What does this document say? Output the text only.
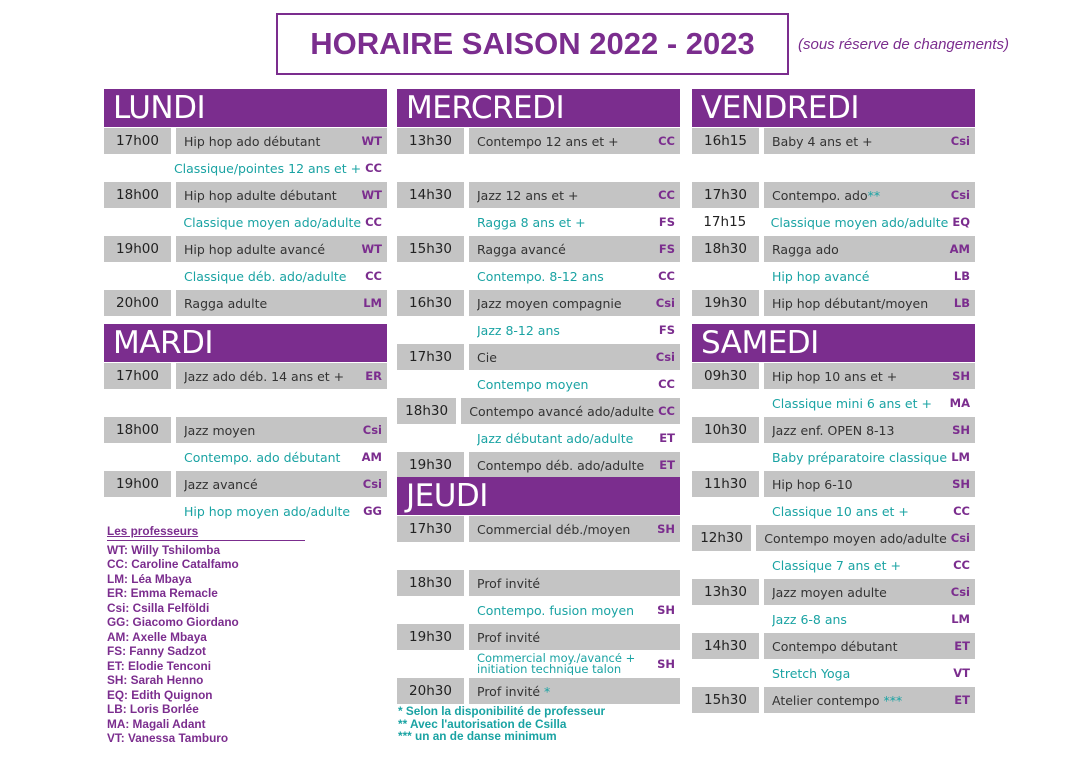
HORAIRE SAISON 2022 - 2023	(sous réserve de changements)
LUNDI
17h00	Hip hop ado débutant	WT
Classique/pointes 12 ans et + CC
18h00	Hip hop adulte débutant	WT
Classique moyen ado/adulte CC
19h00	Hip hop adulte avancé	WT
Classique déb. ado/adulte	CC
20h00	Ragga adulte	LM
MARDI
17h00	Jazz ado déb. 14 ans et +	ER
18h00	Jazz moyen	Csi
Contempo. ado débutant	AM
19h00	Jazz avancé	Csi
Hip hop moyen ado/adulte	GG
MERCREDI
13h30	Contempo 12 ans et +	CC
14h30	Jazz 12 ans et +	CC
Ragga 8 ans et +	FS
15h30	Ragga avancé	FS
Contempo. 8-12 ans	CC
16h30	Jazz moyen compagnie	Csi
Jazz 8-12 ans	FS
17h30	Cie	Csi
Contempo moyen	CC
18h30	Contempo avancé ado/adulte CC
Jazz débutant ado/adulte	ET
19h30	Contempo déb. ado/adulte	ET
JEUDI
17h30	Commercial déb./moyen	SH
18h30	Prof invité
Contempo. fusion moyen	SH
19h30	Prof invité
Commercial moy./avancé + initiation technique talon	SH
20h30	Prof invité *
VENDREDI
16h15	Baby 4 ans et +	Csi
17h30	Contempo. ado**	Csi
17h15	Classique moyen ado/adulte EQ
18h30	Ragga ado	AM
Hip hop avancé	LB
19h30	Hip hop débutant/moyen	LB
SAMEDI
09h30	Hip hop 10 ans et +	SH
Classique mini 6 ans et +	MA
10h30	Jazz enf. OPEN 8-13	SH
Baby préparatoire classique LM
11h30	Hip hop 6-10	SH
Classique 10 ans et +	CC
12h30	Contempo moyen ado/adulte Csi
Classique 7 ans et +	CC
13h30	Jazz moyen adulte	Csi
Jazz 6-8 ans	LM
14h30	Contempo débutant	ET
Stretch Yoga	VT
15h30	Atelier contempo ***	ET
Les professeurs
WT: Willy Tshilomba
CC: Caroline Catalfamo
LM: Léa Mbaya
ER: Emma Remacle
Csi: Csilla Felföldi
GG: Giacomo Giordano
AM: Axelle Mbaya
FS: Fanny Sadzot
ET: Elodie Tenconi
SH: Sarah Henno
EQ: Edith Quignon
LB: Loris Borlée
MA: Magali Adant
VT: Vanessa Tamburo
* Selon la disponibilité de professeur
** Avec l'autorisation de Csilla
*** un an de danse minimum
